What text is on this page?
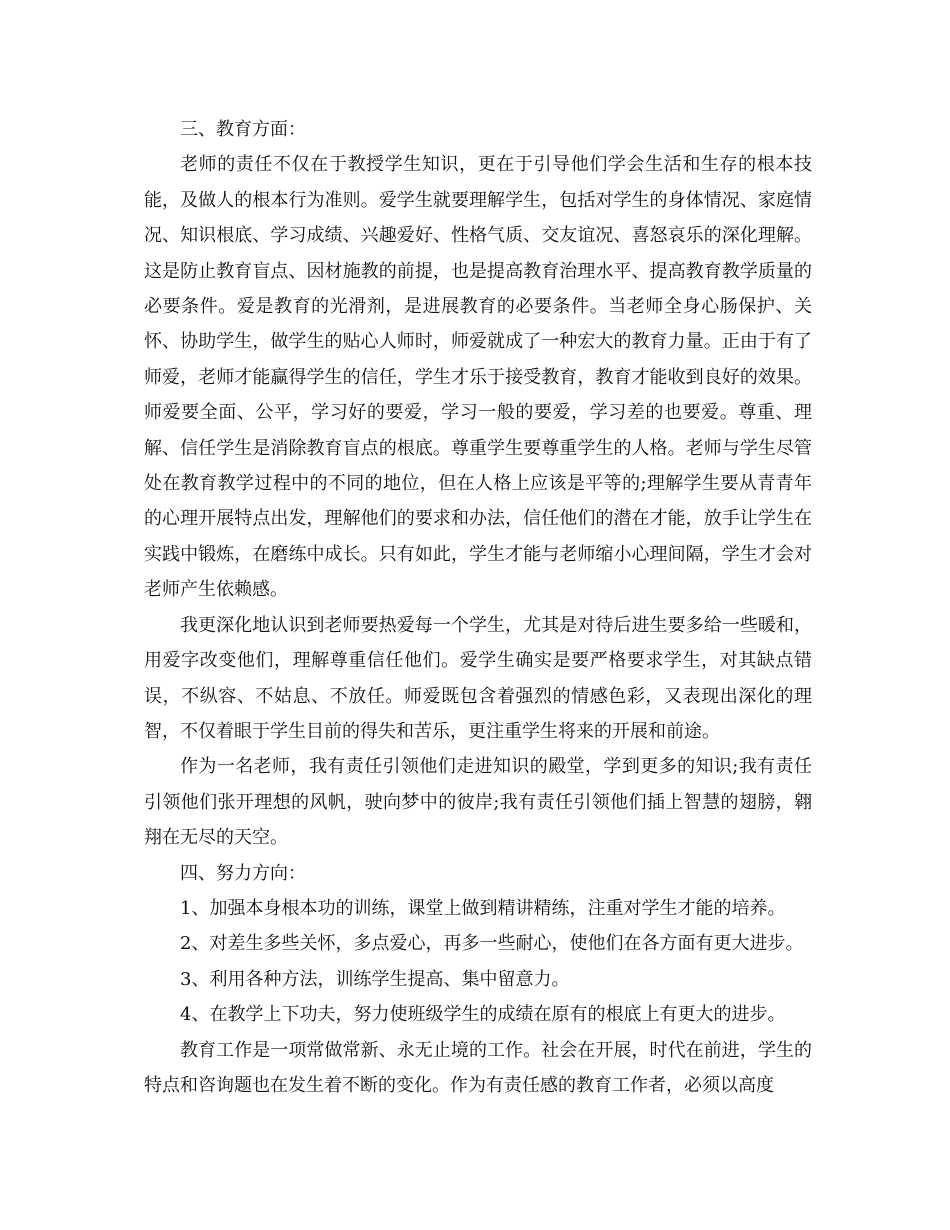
三、教育方面：

老师的责任不仅在于教授学生知识，更在于引导他们学会生活和生存的根本技能，及做人的根本行为准则。爱学生就要理解学生，包括对学生的身体情况、家庭情况、知识根底、学习成绩、兴趣爱好、性格气质、交友谊况、喜怒哀乐的深化理解。这是防止教育盲点、因材施教的前提，也是提高教育治理水平、提高教育教学质量的必要条件。爱是教育的光滑剂，是进展教育的必要条件。当老师全身心肠保护、关怀、协助学生，做学生的贴心人师时，师爱就成了一种宏大的教育力量。正由于有了师爱，老师才能赢得学生的信任，学生才乐于接受教育，教育才能收到良好的效果。师爱要全面、公平，学习好的要爱，学习一般的要爱，学习差的也要爱。尊重、理解、信任学生是消除教育盲点的根底。尊重学生要尊重学生的人格。老师与学生尽管处在教育教学过程中的不同的地位，但在人格上应该是平等的;理解学生要从青青年的心理开展特点出发，理解他们的要求和办法，信任他们的潜在才能，放手让学生在实践中锻炼，在磨练中成长。只有如此，学生才能与老师缩小心理间隔，学生才会对老师产生依赖感。

我更深化地认识到老师要热爱每一个学生，尤其是对待后进生要多给一些暖和，用爱字改变他们，理解尊重信任他们。爱学生确实是要严格要求学生，对其缺点错误，不纵容、不姑息、不放任。师爱既包含着强烈的情感色彩，又表现出深化的理智，不仅着眼于学生目前的得失和苦乐，更注重学生将来的开展和前途。

作为一名老师，我有责任引领他们走进知识的殿堂，学到更多的知识;我有责任引领他们张开理想的风帆，驶向梦中的彼岸;我有责任引领他们插上智慧的翅膀，翱翔在无尽的天空。

四、努力方向：

1、加强本身根本功的训练，课堂上做到精讲精练，注重对学生才能的培养。

2、对差生多些关怀，多点爱心，再多一些耐心，使他们在各方面有更大进步。

3、利用各种方法，训练学生提高、集中留意力。

4、在教学上下功夫，努力使班级学生的成绩在原有的根底上有更大的进步。

教育工作是一项常做常新、永无止境的工作。社会在开展，时代在前进，学生的特点和咨询题也在发生着不断的变化。作为有责任感的教育工作者，必须以高度
